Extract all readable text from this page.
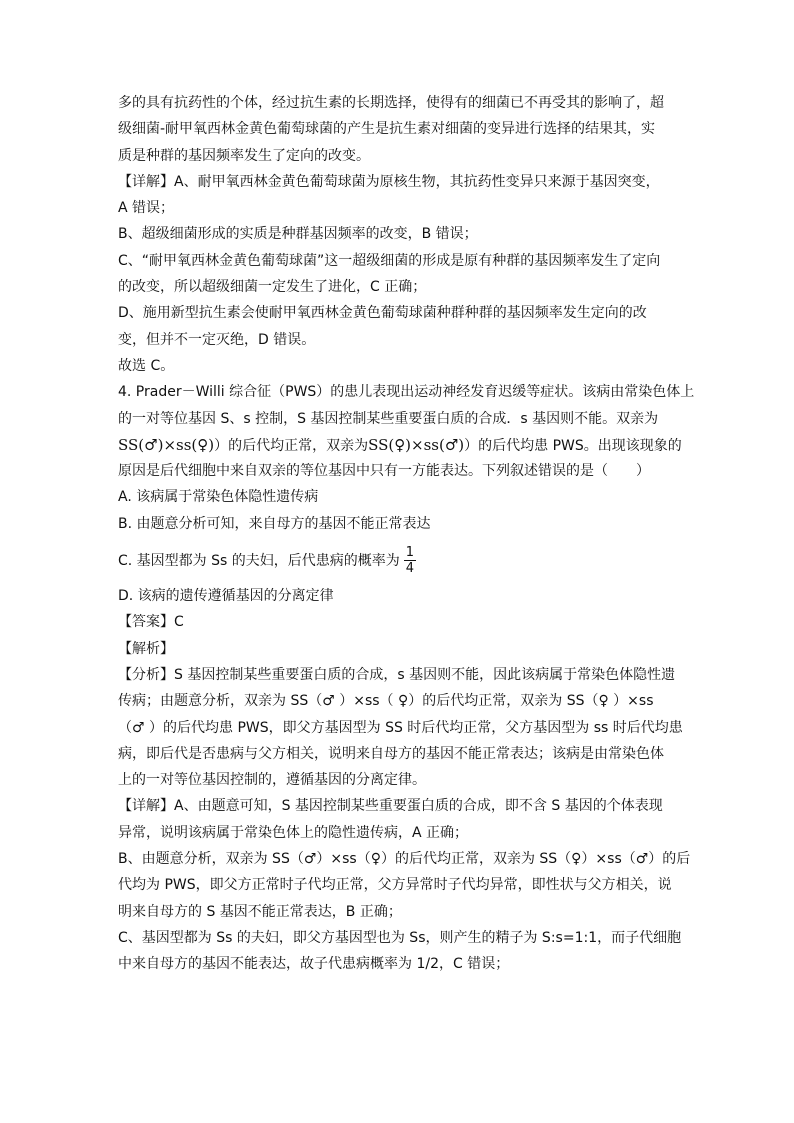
多的具有抗药性的个体，经过抗生素的长期选择，使得有的细菌已不再受其的影响了，超
级细菌-耐甲氧西林金黄色葡萄球菌的产生是抗生素对细菌的变异进行选择的结果其，实
质是种群的基因频率发生了定向的改变。
【详解】A、耐甲氧西林金黄色葡萄球菌为原核生物，其抗药性变异只来源于基因突变，
A 错误；
B、超级细菌形成的实质是种群基因频率的改变，B 错误；
C、“耐甲氧西林金黄色葡萄球菌”这一超级细菌的形成是原有种群的基因频率发生了定向
的改变，所以超级细菌一定发生了进化，C 正确；
D、施用新型抗生素会使耐甲氧西林金黄色葡萄球菌种群种群的基因频率发生定向的改
变，但并不一定灭绝，D 错误。
故选 C。
4. Prader－Willi 综合征（PWS）的患儿表现出运动神经发育迟缓等症状。该病由常染色体上
的一对等位基因 S、s 控制，S 基因控制某些重要蛋白质的合成．s 基因则不能。双亲为
SS(♂)×ss(♀)）的后代均正常，双亲为SS(♀)×ss(♂)）的后代均患 PWS。出现该现象的
原因是后代细胞中来自双亲的等位基因中只有一方能表达。下列叙述错误的是（　　）
A. 该病属于常染色体隐性遗传病
B. 由题意分析可知，来自母方的基因不能正常表达
C. 基因型都为 Ss 的夫妇，后代患病的概率为 $\frac{1}{4}$
D. 该病的遗传遵循基因的分离定律
【答案】C
【解析】
【分析】S 基因控制某些重要蛋白质的合成，s 基因则不能，因此该病属于常染色体隐性遗
传病；由题意分析，双亲为 SS（♂ ）×ss（ ♀）的后代均正常，双亲为 SS（♀ ）×ss
（♂ ）的后代均患 PWS，即父方基因型为 SS 时后代均正常，父方基因型为 ss 时后代均患
病，即后代是否患病与父方相关，说明来自母方的基因不能正常表达；该病是由常染色体
上的一对等位基因控制的，遵循基因的分离定律。
【详解】A、由题意可知，S 基因控制某些重要蛋白质的合成，即不含 S 基因的个体表现
异常，说明该病属于常染色体上的隐性遗传病，A 正确；
B、由题意分析，双亲为 SS（♂）×ss（♀）的后代均正常，双亲为 SS（♀）×ss（♂）的后
代均为 PWS，即父方正常时子代均正常，父方异常时子代均异常，即性状与父方相关，说
明来自母方的 S 基因不能正常表达，B 正确；
C、基因型都为 Ss 的夫妇，即父方基因型也为 Ss，则产生的精子为 S:s=1:1，而子代细胞
中来自母方的基因不能表达，故子代患病概率为 1/2，C 错误；
